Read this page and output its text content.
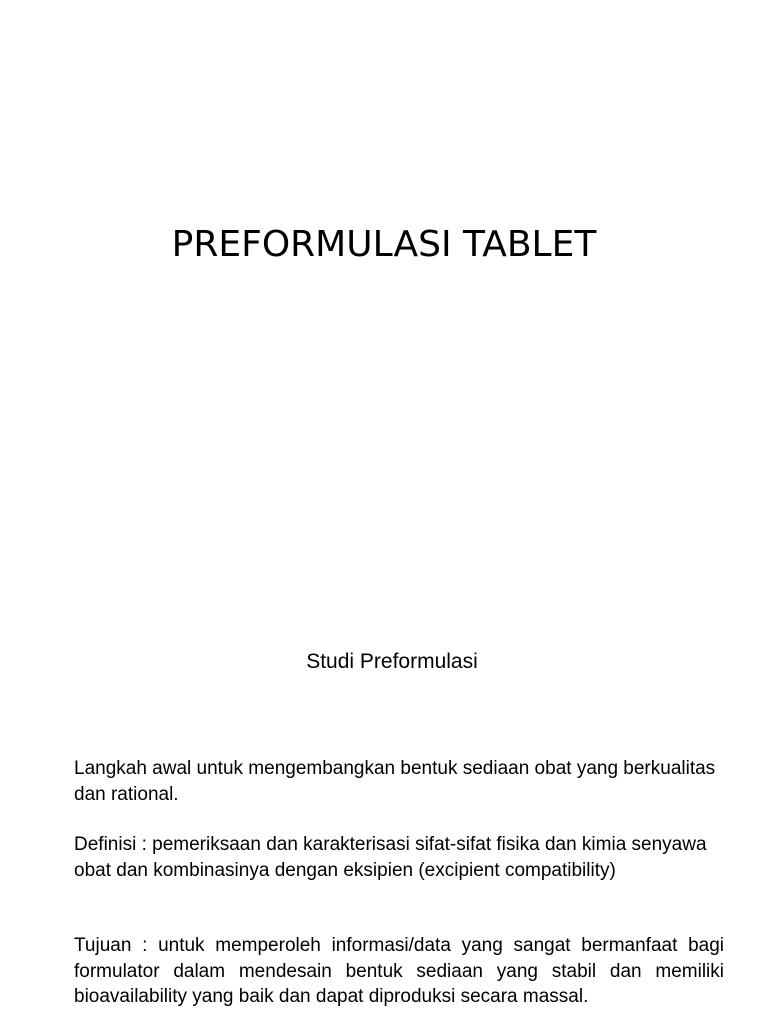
PREFORMULASI TABLET
Studi Preformulasi

Langkah awal untuk mengembangkan bentuk sediaan obat yang berkualitas dan rational.

Definisi : pemeriksaan dan karakterisasi sifat-sifat fisika dan kimia senyawa obat dan kombinasinya dengan eksipien (excipient compatibility)

Tujuan : untuk memperoleh informasi/data yang sangat bermanfaat bagi formulator dalam mendesain bentuk sediaan yang stabil dan memiliki bioavailability yang baik dan dapat diproduksi secara massal.
